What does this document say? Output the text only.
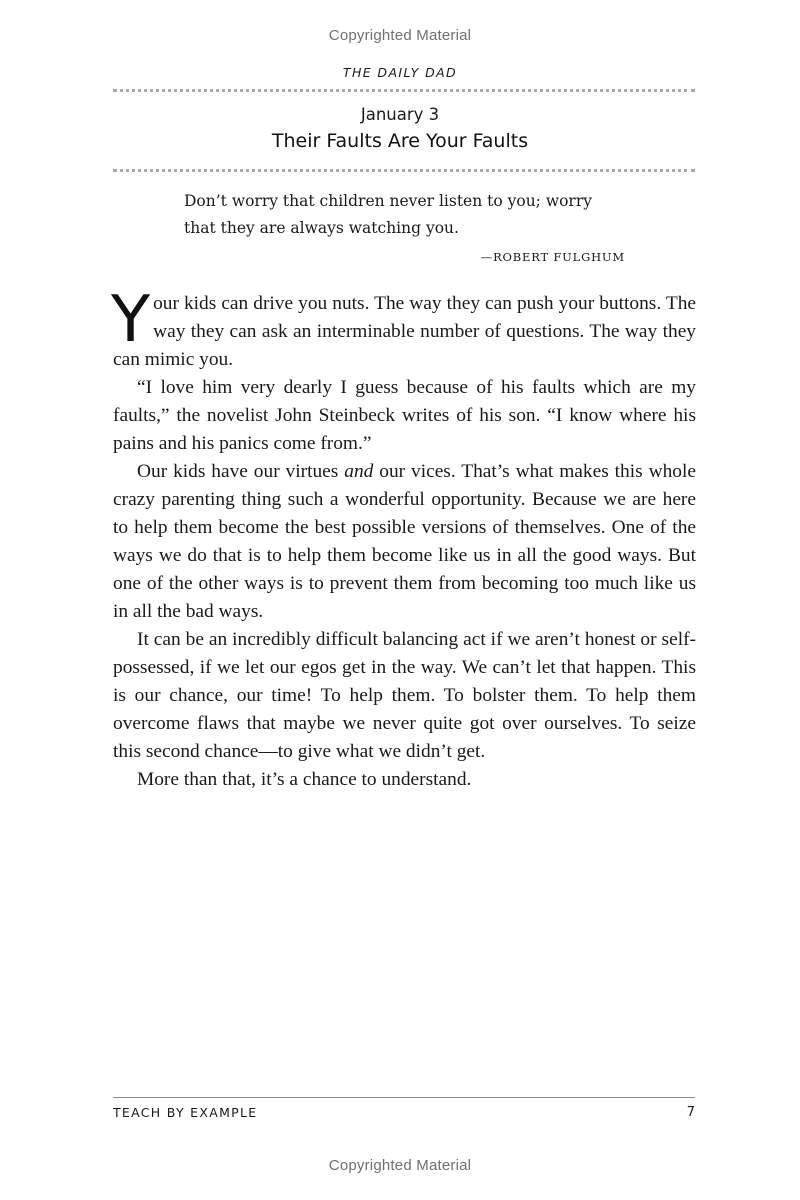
Copyrighted Material
THE DAILY DAD
January 3
Their Faults Are Your Faults

Don’t worry that children never listen to you; worry that they are always watching you.

—ROBERT FULGHUM

Your kids can drive you nuts. The way they can push your buttons. The way they can ask an interminable number of questions. The way they can mimic you.

“I love him very dearly I guess because of his faults which are my faults,” the novelist John Steinbeck writes of his son. “I know where his pains and his panics come from.”

Our kids have our virtues and our vices. That’s what makes this whole crazy parenting thing such a wonderful opportunity. Because we are here to help them become the best possible versions of themselves. One of the ways we do that is to help them become like us in all the good ways. But one of the other ways is to prevent them from becoming too much like us in all the bad ways.

It can be an incredibly difficult balancing act if we aren’t honest or self-possessed, if we let our egos get in the way. We can’t let that happen. This is our chance, our time! To help them. To bolster them. To help them overcome flaws that maybe we never quite got over ourselves. To seize this second chance—to give what we didn’t get.

More than that, it’s a chance to understand.

TEACH BY EXAMPLE	7
Copyrighted Material
